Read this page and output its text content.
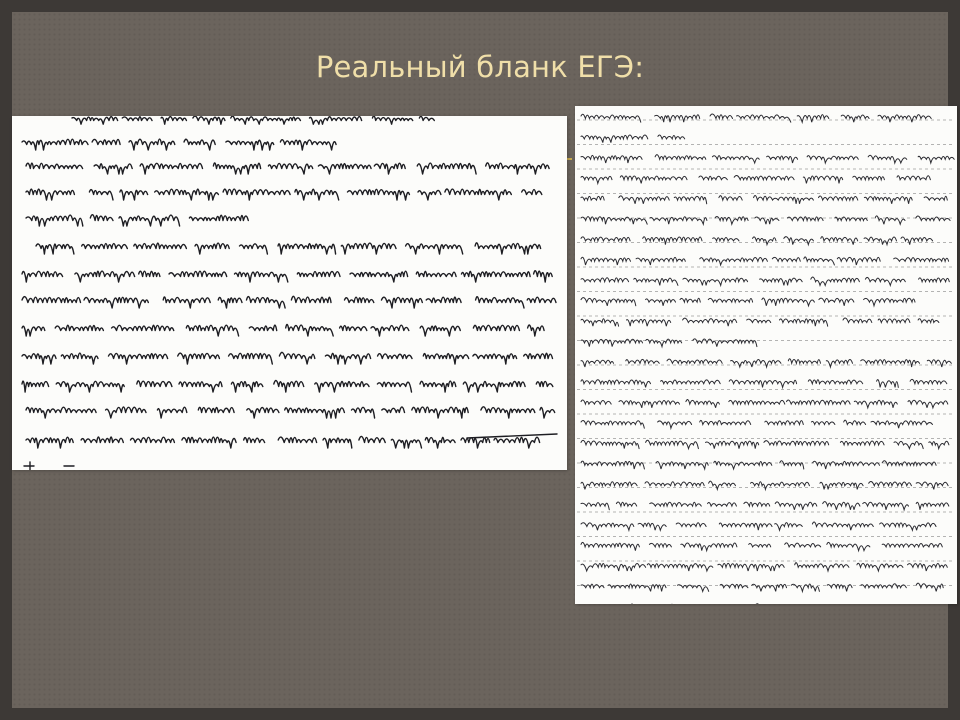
Реальный бланк ЕГЭ:
